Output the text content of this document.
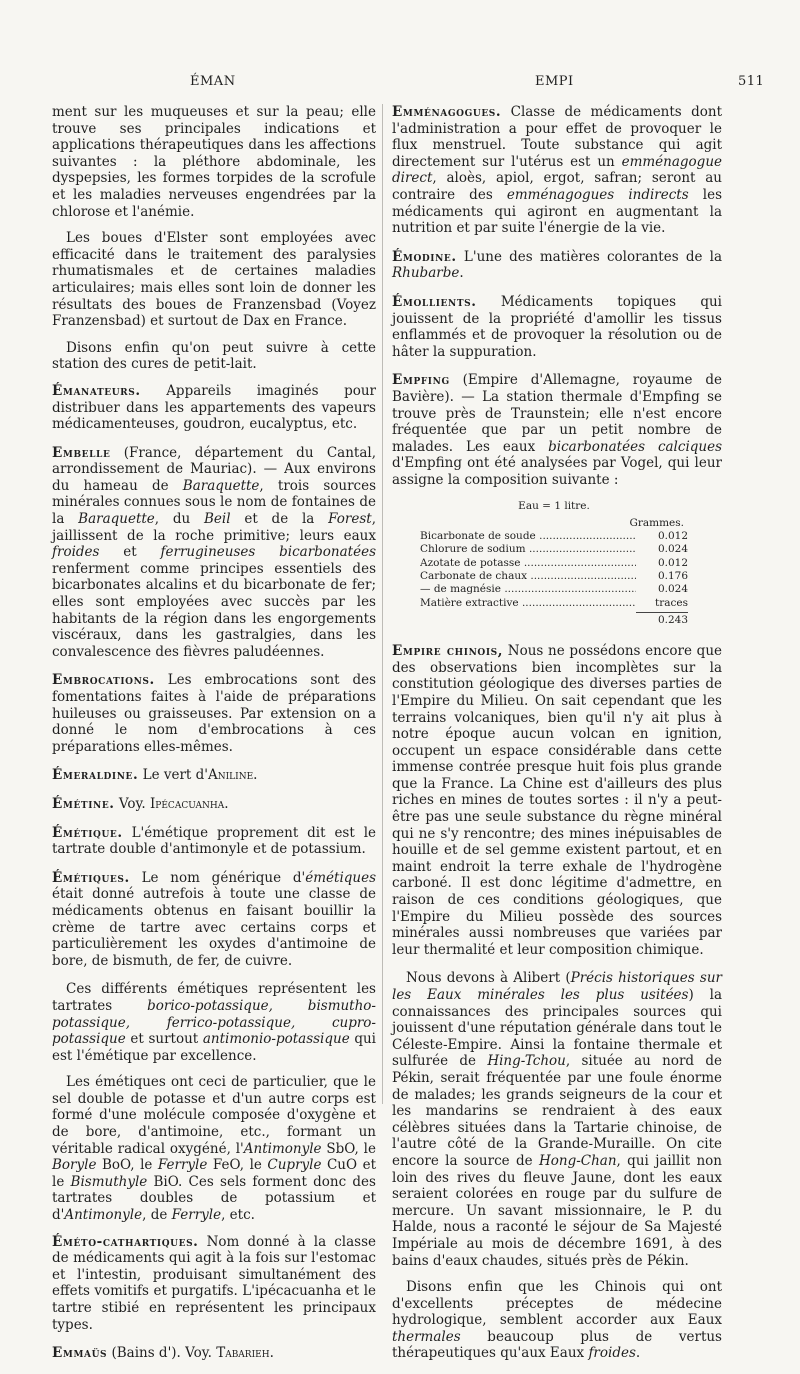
ÉMAN	EMPI	511

ment sur les muqueuses et sur la peau; elle trouve ses principales indications et applications thérapeutiques dans les affections suivantes : la pléthore abdominale, les dyspepsies, les formes torpides de la scrofule et les maladies nerveuses engendrées par la chlorose et l'anémie.

Les boues d'Elster sont employées avec efficacité dans le traitement des paralysies rhumatismales et de certaines maladies articulaires; mais elles sont loin de donner les résultats des boues de Franzensbad (Voyez Franzensbad) et surtout de Dax en France.

Disons enfin qu'on peut suivre à cette station des cures de petit-lait.

Émanateurs. Appareils imaginés pour distribuer dans les appartements des vapeurs médicamenteuses, goudron, eucalyptus, etc.

Embelle (France, département du Cantal, arrondissement de Mauriac). — Aux environs du hameau de Baraquette, trois sources minérales connues sous le nom de fontaines de la Baraquette, du Beil et de la Forest, jaillissent de la roche primitive; leurs eaux froides et ferrugineuses bicarbonatées renferment comme principes essentiels des bicarbonates alcalins et du bicarbonate de fer; elles sont employées avec succès par les habitants de la région dans les engorgements viscéraux, dans les gastralgies, dans les convalescence des fièvres paludéennes.

Embrocations. Les embrocations sont des fomentations faites à l'aide de préparations huileuses ou graisseuses. Par extension on a donné le nom d'embrocations à ces préparations elles-mêmes.

Émeraldine. Le vert d'Aniline.

Émétine. Voy. Ipécacuanha.

Émétique. L'émétique proprement dit est le tartrate double d'antimonyle et de potassium.

Émétiques. Le nom générique d'émétiques était donné autrefois à toute une classe de médicaments obtenus en faisant bouillir la crème de tartre avec certains corps et particulièrement les oxydes d'antimoine de bore, de bismuth, de fer, de cuivre.

Ces différents émétiques représentent les tartrates borico-potassique, bismutho-potassique, ferrico-potassique, cupro-potassique et surtout antimonio-potassique qui est l'émétique par excellence.

Les émétiques ont ceci de particulier, que le sel double de potasse et d'un autre corps est formé d'une molécule composée d'oxygène et de bore, d'antimoine, etc., formant un véritable radical oxygéné, l'Antimonyle SbO, le Boryle BoO, le Ferryle FeO, le Cupryle CuO et le Bismuthyle BiO. Ces sels forment donc des tartrates doubles de potassium et d'Antimonyle, de Ferryle, etc.

Éméto-cathartiques. Nom donné à la classe de médicaments qui agit à la fois sur l'estomac et l'intestin, produisant simultanément des effets vomitifs et purgatifs. L'ipécacuanha et le tartre stibié en représentent les principaux types.

Emmaüs (Bains d'). Voy. Tabarieh.

Emménagogues. Classe de médicaments dont l'administration a pour effet de provoquer le flux menstruel. Toute substance qui agit directement sur l'utérus est un emménagogue direct, aloès, apiol, ergot, safran; seront au contraire des emménagogues indirects les médicaments qui agiront en augmentant la nutrition et par suite l'énergie de la vie.

Émodine. L'une des matières colorantes de la Rhubarbe.

Émollients. Médicaments topiques qui jouissent de la propriété d'amollir les tissus enflammés et de provoquer la résolution ou de hâter la suppuration.

Empfing (Empire d'Allemagne, royaume de Bavière). — La station thermale d'Empfing se trouve près de Traunstein; elle n'est encore fréquentée que par un petit nombre de malades. Les eaux bicarbonatées calciques d'Empfing ont été analysées par Vogel, qui leur assigne la composition suivante :

Eau = 1 litre.
Grammes.
Bicarbonate de soude .....	0.012
Chlorure de sodium .....	0.024
Azotate de potasse .....	0.012
Carbonate de chaux .....	0.176
— de magnésie .....	0.024
Matière extractive .....	traces
0.243

Empire chinois, Nous ne possédons encore que des observations bien incomplètes sur la constitution géologique des diverses parties de l'Empire du Milieu. On sait cependant que les terrains volcaniques, bien qu'il n'y ait plus à notre époque aucun volcan en ignition, occupent un espace considérable dans cette immense contrée presque huit fois plus grande que la France. La Chine est d'ailleurs des plus riches en mines de toutes sortes : il n'y a peut-être pas une seule substance du règne minéral qui ne s'y rencontre; des mines inépuisables de houille et de sel gemme existent partout, et en maint endroit la terre exhale de l'hydrogène carboné. Il est donc légitime d'admettre, en raison de ces conditions géologiques, que l'Empire du Milieu possède des sources minérales aussi nombreuses que variées par leur thermalité et leur composition chimique.

Nous devons à Alibert (Précis historiques sur les Eaux minérales les plus usitées) la connaissances des principales sources qui jouissent d'une réputation générale dans tout le Céleste-Empire. Ainsi la fontaine thermale et sulfurée de Hing-Tchou, située au nord de Pékin, serait fréquentée par une foule énorme de malades; les grands seigneurs de la cour et les mandarins se rendraient à des eaux célèbres situées dans la Tartarie chinoise, de l'autre côté de la Grande-Muraille. On cite encore la source de Hong-Chan, qui jaillit non loin des rives du fleuve Jaune, dont les eaux seraient colorées en rouge par du sulfure de mercure. Un savant missionnaire, le P. du Halde, nous a raconté le séjour de Sa Majesté Impériale au mois de décembre 1691, à des bains d'eaux chaudes, situés près de Pékin.

Disons enfin que les Chinois qui ont d'excellents préceptes de médecine hydrologique, semblent accorder aux Eaux thermales beaucoup plus de vertus thérapeutiques qu'aux Eaux froides.
